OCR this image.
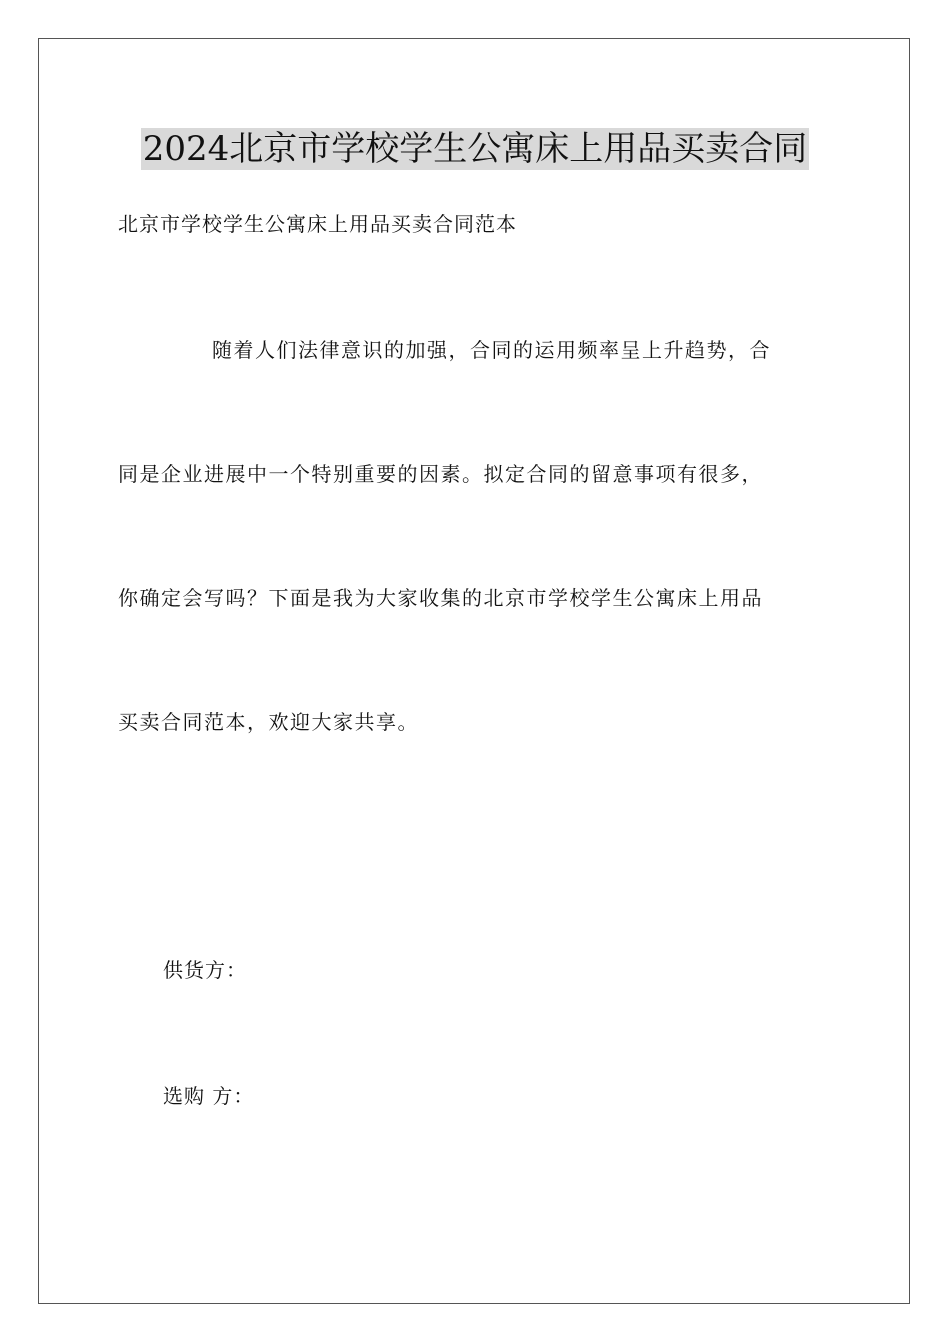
2024北京市学校学生公寓床上用品买卖合同
北京市学校学生公寓床上用品买卖合同范本
随着人们法律意识的加强，合同的运用频率呈上升趋势，合
同是企业进展中一个特别重要的因素。拟定合同的留意事项有很多，
你确定会写吗？下面是我为大家收集的北京市学校学生公寓床上用品
买卖合同范本，欢迎大家共享。
供货方：
选购 方：
